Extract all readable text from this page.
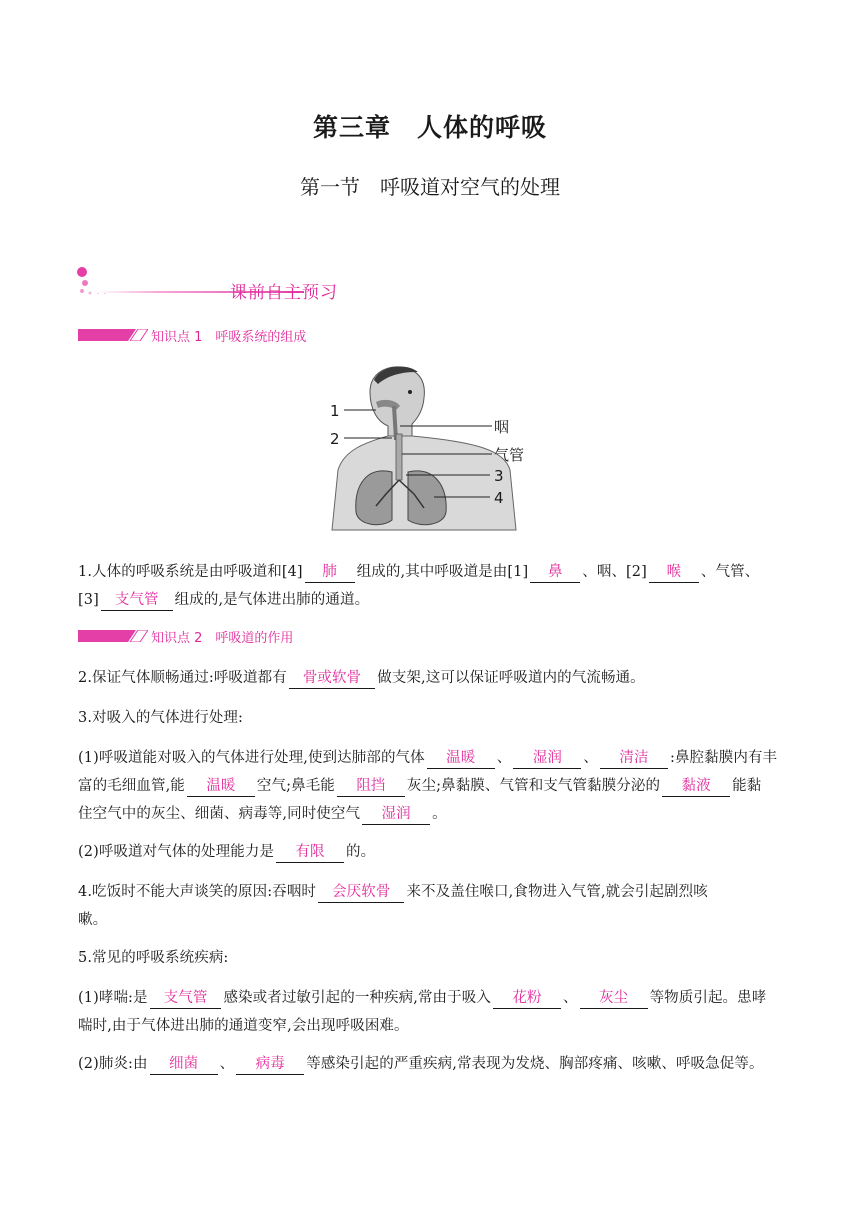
第三章　人体的呼吸
第一节　呼吸道对空气的处理
课前自主预习
知识点 1　呼吸系统的组成
1
2
咽
气管
3
4
1.人体的呼吸系统是由呼吸道和[4] 肺 组成的,其中呼吸道是由[1] 鼻 、咽、[2] 喉 、气管、
[3] 支气管 组成的,是气体进出肺的通道。
知识点 2　呼吸道的作用
2.保证气体顺畅通过:呼吸道都有 骨或软骨 做支架,这可以保证呼吸道内的气流畅通。
3.对吸入的气体进行处理:
(1)呼吸道能对吸入的气体进行处理,使到达肺部的气体 温暖 、 湿润 、 清洁 :鼻腔黏膜内有丰
富的毛细血管,能 温暖 空气;鼻毛能 阻挡 灰尘;鼻黏膜、气管和支气管黏膜分泌的 黏液 能黏
住空气中的灰尘、细菌、病毒等,同时使空气 湿润 。
(2)呼吸道对气体的处理能力是 有限 的。
4.吃饭时不能大声谈笑的原因:吞咽时 会厌软骨 来不及盖住喉口,食物进入气管,就会引起剧烈咳
嗽。
5.常见的呼吸系统疾病:
(1)哮喘:是 支气管 感染或者过敏引起的一种疾病,常由于吸入 花粉 、 灰尘 等物质引起。患哮
喘时,由于气体进出肺的通道变窄,会出现呼吸困难。
(2)肺炎:由 细菌 、 病毒 等感染引起的严重疾病,常表现为发烧、胸部疼痛、咳嗽、呼吸急促等。
